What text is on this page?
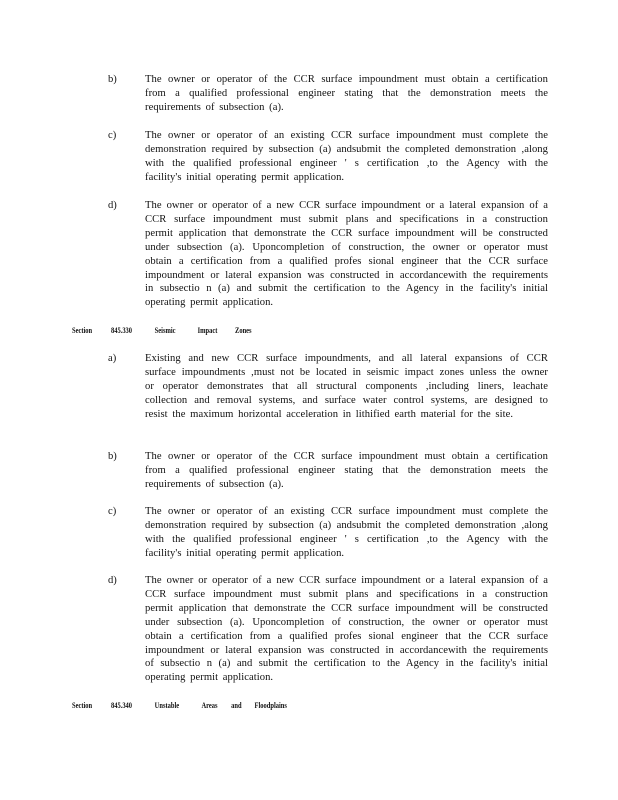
b)	The owner or operator of the CCR surface impoundment must obtain a certification from a qualified professional engineer stating that the demonstration meets the requirements of subsection (a).
c)	The owner or operator of an existing CCR surface impoundment must complete the demonstration required by subsection (a) andsubmit the completed demonstration ,along with the qualified professional engineer ' s certification ,to the Agency with the facility's initial operating permit application.
d)	The owner or operator of a new CCR surface impoundment or a lateral expansion of a CCR surface impoundment must submit plans and specifications in a construction permit application that demonstrate the CCR surface impoundment will be constructed under subsection (a). Uponcompletion of construction, the owner or operator must obtain a certification from a qualified profes sional engineer that the CCR surface impoundment or lateral expansion was constructed in accordancewith the requirements in subsectio n (a) and submit the certification to the Agency in the facility's initial operating permit application.
Section 845.330	Seismic	Impact Zones
a)	Existing and new CCR surface impoundments, and all lateral expansions of CCR surface impoundments ,must not be located in seismic impact zones unless the owner or operator demonstrates that all structural components ,including liners, leachate collection and removal systems, and surface water control systems, are designed to resist the maximum horizontal acceleration in lithified earth material for the site.
b)	The owner or operator of the CCR surface impoundment must obtain a certification from a qualified professional engineer stating that the demonstration meets the requirements of subsection (a).
c)	The owner or operator of an existing CCR surface impoundment must complete the demonstration required by subsection (a) andsubmit the completed demonstration ,along with the qualified professional engineer ' s certification ,to the Agency with the facility's initial operating permit application.
d)	The owner or operator of a new CCR surface impoundment or a lateral expansion of a CCR surface impoundment must submit plans and specifications in a construction permit application that demonstrate the CCR surface impoundment will be constructed under subsection (a). Uponcompletion of construction, the owner or operator must obtain a certification from a qualified profes sional engineer that the CCR surface impoundment or lateral expansion was constructed in accordancewith the requirements of subsectio n (a) and submit the certification to the Agency in the facility's initial operating permit application.
Section 845.340	Unstable	Areas and Floodplains
